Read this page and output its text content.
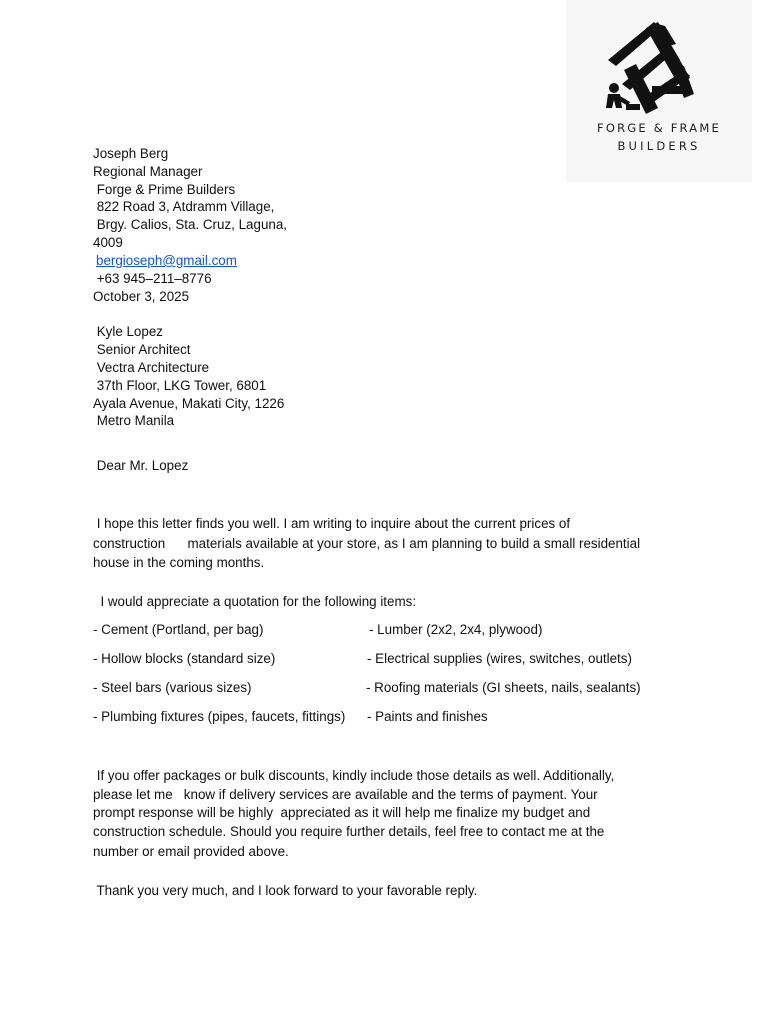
FORGE & FRAME
BUILDERS
Joseph Berg
Regional Manager
Forge & Prime Builders
822 Road 3, Atdramm Village,
Brgy. Calios, Sta. Cruz, Laguna,
4009
bergioseph@gmail.com
+63 945–211–8776
October 3, 2025
Kyle Lopez
Senior Architect
Vectra Architecture
37th Floor, LKG Tower, 6801
Ayala Avenue, Makati City, 1226
Metro Manila
Dear Mr. Lopez
I hope this letter finds you well. I am writing to inquire about the current prices of
construction      materials available at your store, as I am planning to build a small residential
house in the coming months.
I would appreciate a quotation for the following items:
- Cement (Portland, per bag)	- Lumber (2x2, 2x4, plywood)
- Hollow blocks (standard size)	- Electrical supplies (wires, switches, outlets)
- Steel bars (various sizes)	- Roofing materials (GI sheets, nails, sealants)
- Plumbing fixtures (pipes, faucets, fittings) - Paints and finishes
If you offer packages or bulk discounts, kindly include those details as well. Additionally,
please let me   know if delivery services are available and the terms of payment. Your
prompt response will be highly  appreciated as it will help me finalize my budget and
construction schedule. Should you require further details, feel free to contact me at the
number or email provided above.
Thank you very much, and I look forward to your favorable reply.
